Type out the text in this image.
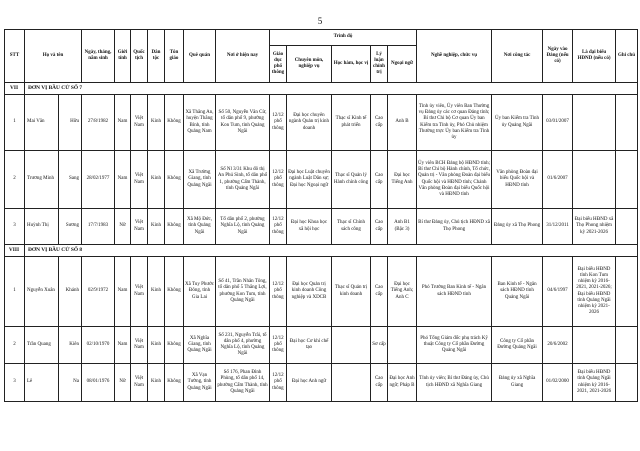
5
STT	Họ và tên		Ngày, tháng, năm sinh	Giới tính	Quốc tịch	Dân tộc	Tôn giáo	Quê quán	Nơi ở hiện nay	Trình độ					Nghề nghiệp, chức vụ	Nơi công tác	Ngày vào Đảng (nếu có)	Là đại biểu HĐND (nếu có)	Ghi chú
										Giáo dục phổ thông	Chuyên môn, nghiệp vụ	Học hàm, học vị	Lý luận chính trị	Ngoại ngữ					
VII	ĐƠN VỊ BẦU CỬ SỐ 7																		
1	Mai Văn	Hữu	27/8/1982	Nam	Việt Nam	Kinh	Không	Xã Thăng An, huyện Thăng Bình, tỉnh Quảng Nam	Số 50, Nguyễn Văn Cừ, tổ dân phố 9, phường Kon Tum, tỉnh Quảng Ngãi	12/12 phổ thông	Đại học chuyên ngành Quản trị kinh doanh	Thạc sĩ Kinh tế phát triển	Cao cấp	Anh B	Tỉnh ủy viên, Ủy viên Ban Thường vụ Đảng ủy các cơ quan Đảng tỉnh; Bí thư Chi bộ Cơ quan Ủy ban Kiểm tra Tỉnh ủy, Phó Chủ nhiệm Thường trực Ủy ban Kiểm tra Tỉnh ủy	Ủy ban Kiểm tra Tỉnh ủy Quảng Ngãi	03/01/2007		
2	Trương Minh	Sang	28/02/1977	Nam	Việt Nam	Kinh	Không	Xã Trường Giang, tỉnh Quảng Ngãi	Số Nl 3/31 Khu đô thị An Phú Sinh, tổ dân phố 1, phường Cẩm Thành, tỉnh Quảng Ngãi	12/12 phổ thông	Đại học Luật chuyên ngành Luật Dân sự; Đại học Ngoại ngữ	Thạc sĩ Quản lý Hành chính công	Cao cấp	Đại học Tiếng Anh	Ủy viên BCH Đảng bộ HĐND tỉnh; Bí thư Chi bộ Hành chính, Tổ chức, Quản trị - Văn phòng Đoàn đại biểu Quốc hội và HĐND tỉnh; Chánh Văn phòng Đoàn đại biểu Quốc hội và HĐND tỉnh	Văn phòng Đoàn đại biểu Quốc hội và HĐND tỉnh	01/6/2007		
3	Huỳnh Thị	Sương	17/7/1983	Nữ	Việt Nam	Kinh	Không	Xã Mộ Đức, tỉnh Quảng Ngãi	Tổ dân phố 2, phường Nghĩa Lộ, tỉnh Quảng Ngãi	12/12 phổ thông	Đại học Khoa học xã hội học	Thạc sĩ Chính sách công	Cao cấp	Anh B1 (Bậc 3)	Bí thư Đảng ủy, Chủ tịch HĐND xã Thọ Phong	Đảng ủy xã Thọ Phong	31/12/2011	Đại biểu HĐND xã Thọ Phong nhiệm kỳ 2021-2026	
VIII	ĐƠN VỊ BẦU CỬ SỐ 8																		
1	Nguyễn Xuân	Khánh	02/9/1972	Nam	Việt Nam	Kinh	Không	Xã Tuy Phước Đông, tỉnh Gia Lai	Số 41, Trần Nhân Tông, tổ dân phố 5 Thắng Lợi, phường Kon Tum, tỉnh Quảng Ngãi	12/12 phổ thông	Đại học Quản trị kinh doanh Công nghiệp và XDCB	Thạc sĩ Quản trị kinh doanh	Cao cấp	Đại học Tiếng Anh; Anh C	Phó Trưởng Ban Kinh tế - Ngân sách HĐND tỉnh	Ban Kinh tế - Ngân sách HĐND tỉnh Quảng Ngãi	04/6/1997	Đại biểu HĐND tỉnh Kon Tum nhiệm kỳ 2016-2021, 2021-2026; Đại biểu HĐND tỉnh Quảng Ngãi nhiệm kỳ 2021-2026	
2	Trần Quang	Kiên	02/10/1970	Nam	Việt Nam	Kinh	Không	Xã Nghĩa Giang, tỉnh Quảng Ngãi	Số 231, Nguyễn Trãi, tổ dân phố 4, phường Nghĩa Lộ, tỉnh Quảng Ngãi	12/12 phổ thông	Đại học Cơ khí chế tạo		Sơ cấp		Phó Tổng Giám đốc phụ trách Kỹ thuật Công ty Cổ phần Đường Quảng Ngãi	Công ty Cổ phần Đường Quảng Ngãi	20/6/2002		
3	Lê	Na	08/01/1976	Nữ	Việt Nam	Kinh	Không	Xã Vạn Tường, tỉnh Quảng Ngãi	Số 176, Phan Đình Phùng, tổ dân phố 14, phường Cẩm Thành, tỉnh Quảng Ngãi	12/12 phổ thông	Đại học Anh ngữ		Cao cấp	Đại học Anh ngữ; Pháp B	Tỉnh ủy viên; Bí thư Đảng ủy, Chủ tịch HĐND xã Nghĩa Giang	Đảng ủy xã Nghĩa Giang	01/02/2000	Đại biểu HĐND tỉnh Quảng Ngãi nhiệm kỳ 2016-2021, 2021-2026	
